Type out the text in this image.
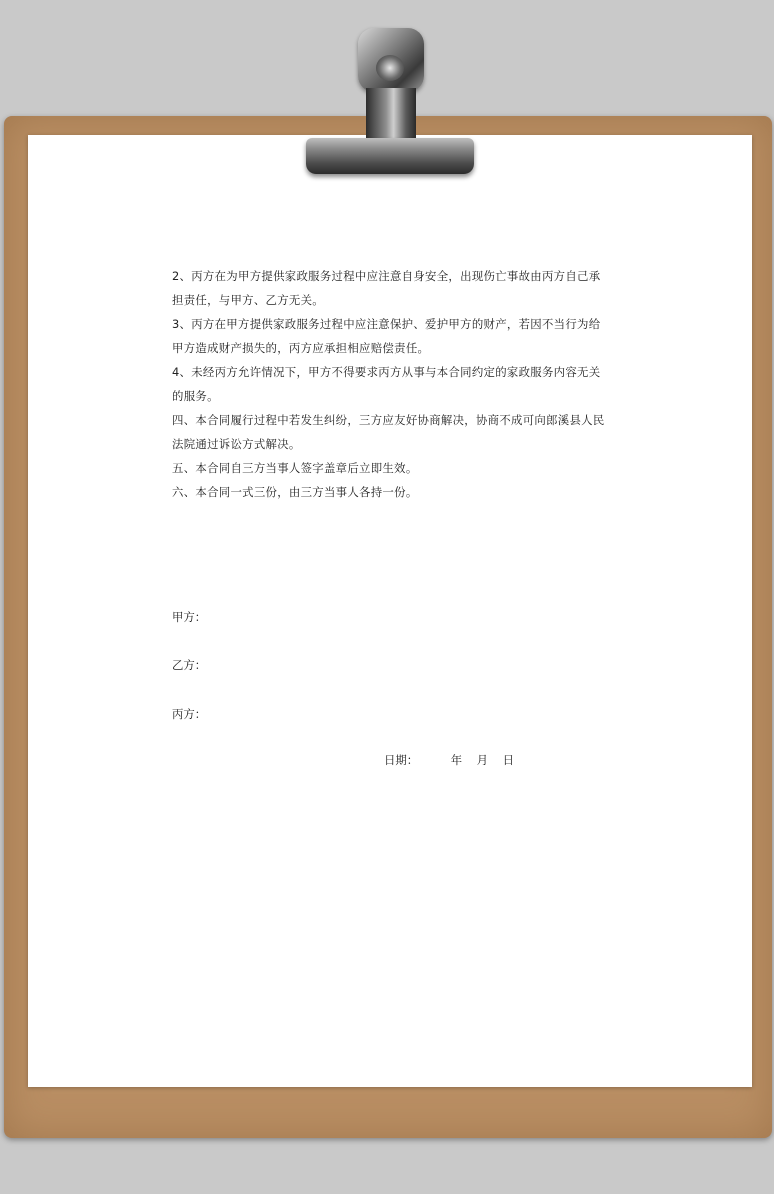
2、丙方在为甲方提供家政服务过程中应注意自身安全，出现伤亡事故由丙方自己承担责任，与甲方、乙方无关。

3、丙方在甲方提供家政服务过程中应注意保护、爱护甲方的财产，若因不当行为给甲方造成财产损失的，丙方应承担相应赔偿责任。

4、未经丙方允许情况下，甲方不得要求丙方从事与本合同约定的家政服务内容无关的服务。

四、本合同履行过程中若发生纠纷，三方应友好协商解决，协商不成可向郎溪县人民法院通过诉讼方式解决。

五、本合同自三方当事人签字盖章后立即生效。

六、本合同一式三份，由三方当事人各持一份。

甲方：
乙方：
丙方：
日期：	年 月 日
